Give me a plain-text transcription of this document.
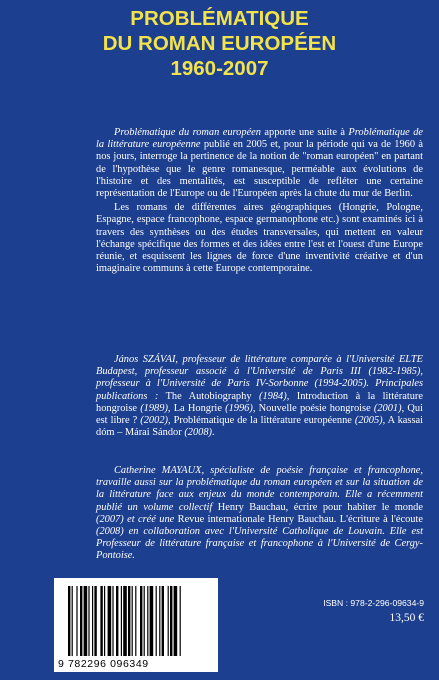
PROBLÉMATIQUE
DU ROMAN EUROPÉEN
1960-2007

Problématique du roman européen apporte une suite à Problématique de la littérature européenne publié en 2005 et, pour la période qui va de 1960 à nos jours, interroge la pertinence de la notion de "roman européen" en partant de l'hypothèse que le genre romanesque, perméable aux évolutions de l'histoire et des mentalités, est susceptible de refléter une certaine représentation de l'Europe ou de l'Européen après la chute du mur de Berlin.

Les romans de différentes aires géographiques (Hongrie, Pologne, Espagne, espace francophone, espace germanophone etc.) sont examinés ici à travers des synthèses ou des études transversales, qui mettent en valeur l'échange spécifique des formes et des idées entre l'est et l'ouest d'une Europe réunie, et esquissent les lignes de force d'une inventivité créative et d'un imaginaire communs à cette Europe contemporaine.

János SZÁVAI, professeur de littérature comparée à l'Université ELTE Budapest, professeur associé à l'Université de Paris III (1982-1985), professeur à l'Université de Paris IV-Sorbonne (1994-2005). Principales publications : The Autobiography (1984), Introduction à la littérature hongroise (1989), La Hongrie (1996), Nouvelle poésie hongroise (2001), Qui est libre ? (2002), Problématique de la littérature européenne (2005), A kassai dóm – Márai Sándor (2008).

Catherine MAYAUX, spécialiste de poésie française et francophone, travaille aussi sur la problématique du roman européen et sur la situation de la littérature face aux enjeux du monde contemporain. Elle a récemment publié un volume collectif Henry Bauchau, écrire pour habiter le monde (2007) et créé une Revue internationale Henry Bauchau. L'écriture à l'écoute (2008) en collaboration avec l'Université Catholique de Louvain. Elle est Professeur de littérature française et francophone à l'Université de Cergy-Pontoise.

9 782296 096349
ISBN : 978-2-296-09634-9
13,50 €
